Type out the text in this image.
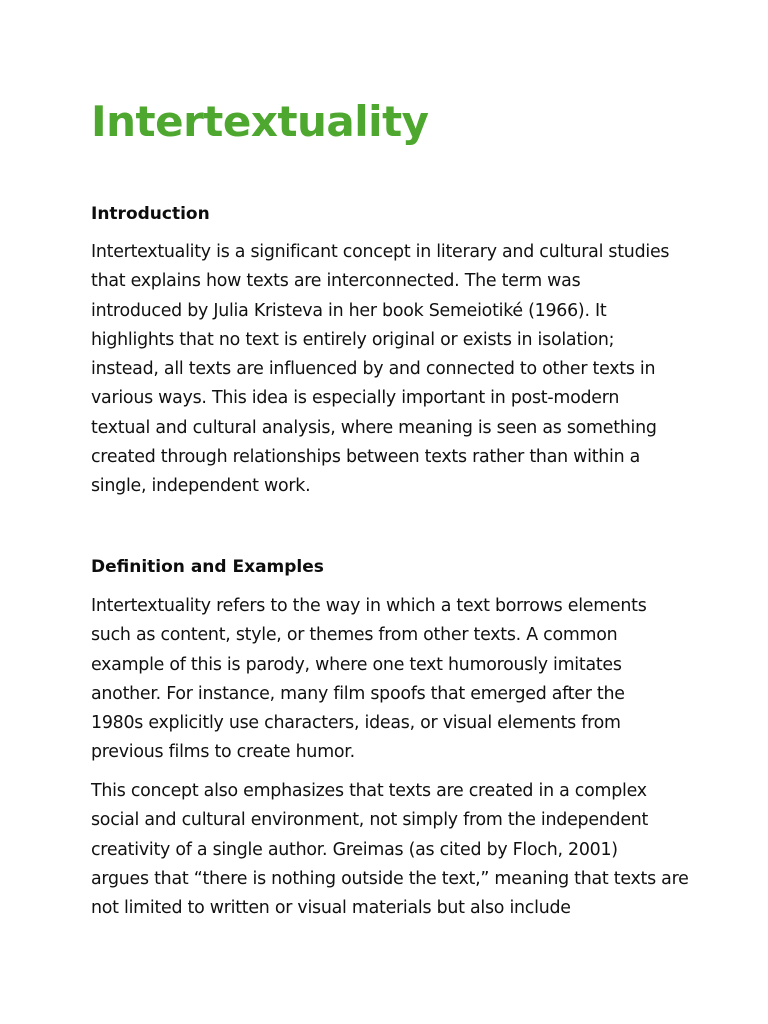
Intertextuality
Introduction

Intertextuality is a significant concept in literary and cultural studies
that explains how texts are interconnected. The term was
introduced by Julia Kristeva in her book Semeiotiké (1966). It
highlights that no text is entirely original or exists in isolation;
instead, all texts are influenced by and connected to other texts in
various ways. This idea is especially important in post-modern
textual and cultural analysis, where meaning is seen as something
created through relationships between texts rather than within a
single, independent work.

Definition and Examples

Intertextuality refers to the way in which a text borrows elements
such as content, style, or themes from other texts. A common
example of this is parody, where one text humorously imitates
another. For instance, many film spoofs that emerged after the
1980s explicitly use characters, ideas, or visual elements from
previous films to create humor.

This concept also emphasizes that texts are created in a complex
social and cultural environment, not simply from the independent
creativity of a single author. Greimas (as cited by Floch, 2001)
argues that “there is nothing outside the text,” meaning that texts are
not limited to written or visual materials but also include
